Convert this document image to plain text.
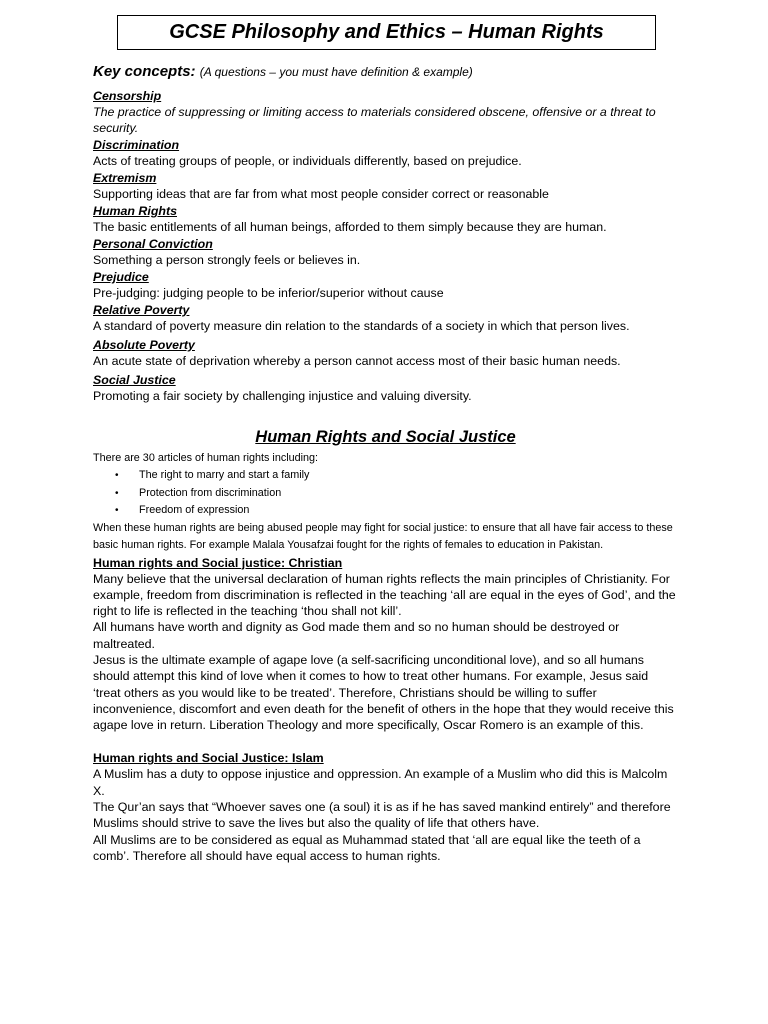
GCSE Philosophy and Ethics – Human Rights
Key concepts: (A questions – you must have definition & example)
Censorship
The practice of suppressing or limiting access to materials considered obscene, offensive or a threat to security.
Discrimination
Acts of treating groups of people, or individuals differently, based on prejudice.
Extremism
Supporting ideas that are far from what most people consider correct or reasonable
Human Rights
The basic entitlements of all human beings, afforded to them simply because they are human.
Personal Conviction
Something a person strongly feels or believes in.
Prejudice
Pre-judging: judging people to be inferior/superior without cause
Relative Poverty
A standard of poverty measure din relation to the standards of a society in which that person lives.
Absolute Poverty
An acute state of deprivation whereby a person cannot access most of their basic human needs.
Social Justice
Promoting a fair society by challenging injustice and valuing diversity.
Human Rights and Social Justice
There are 30 articles of human rights including:
• The right to marry and start a family
• Protection from discrimination
• Freedom of expression
When these human rights are being abused people may fight for social justice: to ensure that all have fair access to these basic human rights. For example Malala Yousafzai fought for the rights of females to education in Pakistan.
Human rights and Social justice: Christian
Many believe that the universal declaration of human rights reflects the main principles of Christianity. For example, freedom from discrimination is reflected in the teaching ‘all are equal in the eyes of God’, and the right to life is reflected in the teaching ‘thou shall not kill’.
All humans have worth and dignity as God made them and so no human should be destroyed or maltreated.
Jesus is the ultimate example of agape love (a self-sacrificing unconditional love), and so all humans should attempt this kind of love when it comes to how to treat other humans. For example, Jesus said ‘treat others as you would like to be treated’. Therefore, Christians should be willing to suffer inconvenience, discomfort and even death for the benefit of others in the hope that they would receive this agape love in return. Liberation Theology and more specifically, Oscar Romero is an example of this.
Human rights and Social Justice: Islam
A Muslim has a duty to oppose injustice and oppression. An example of a Muslim who did this is Malcolm X.
The Qur’an says that “Whoever saves one (a soul) it is as if he has saved mankind entirely” and therefore Muslims should strive to save the lives but also the quality of life that others have.
All Muslims are to be considered as equal as Muhammad stated that ‘all are equal like the teeth of a comb’. Therefore all should have equal access to human rights.
